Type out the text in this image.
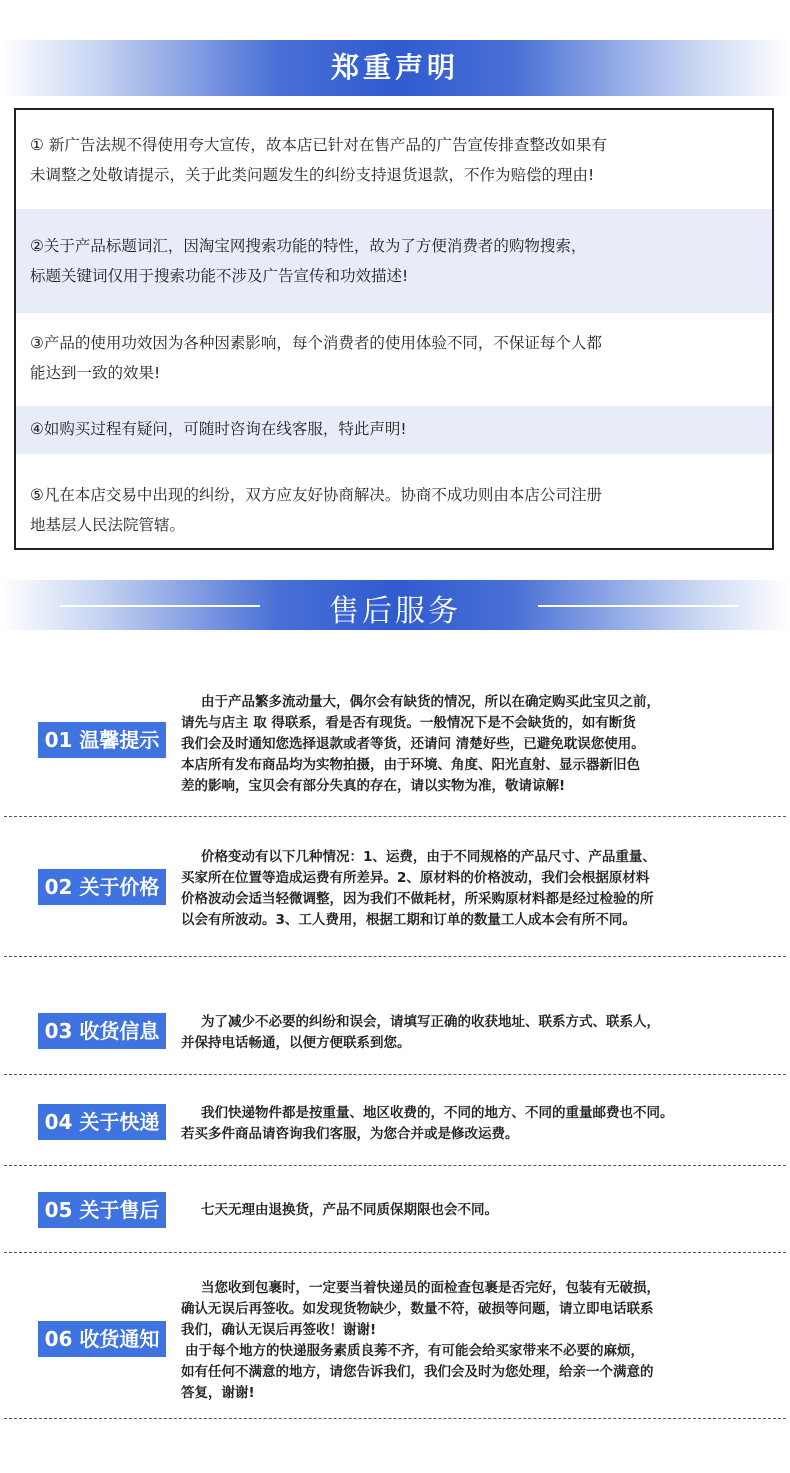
郑重声明
① 新广告法规不得使用夸大宣传，故本店已针对在售产品的广告宣传排查整改如果有
未调整之处敬请提示，关于此类问题发生的纠纷支持退货退款，不作为赔偿的理由!
②关于产品标题词汇，因淘宝网搜索功能的特性，故为了方便消费者的购物搜索，
标题关键词仅用于搜索功能不涉及广告宣传和功效描述!
③产品的使用功效因为各种因素影响，每个消费者的使用体验不同，不保证每个人都
能达到一致的效果!
④如购买过程有疑问，可随时咨询在线客服，特此声明!
⑤凡在本店交易中出现的纠纷，双方应友好协商解决。协商不成功则由本店公司注册
地基层人民法院管辖。
售后服务
01 温馨提示
由于产品繁多流动量大，偶尔会有缺货的情况，所以在确定购买此宝贝之前，
请先与店主 取 得联系，看是否有现货。一般情况下是不会缺货的，如有断货
我们会及时通知您选择退款或者等货，还请问 清楚好些，已避免耽误您使用。
本店所有发布商品均为实物拍摄，由于环境、角度、阳光直射、显示器新旧色
差的影响，宝贝会有部分失真的存在，请以实物为准，敬请谅解!
02 关于价格
价格变动有以下几种情况：1、运费，由于不同规格的产品尺寸、产品重量、
买家所在位置等造成运费有所差异。2、原材料的价格波动，我们会根据原材料
价格波动会适当轻微调整，因为我们不做耗材，所采购原材料都是经过检验的所
以会有所波动。3、工人费用，根据工期和订单的数量工人成本会有所不同。
03 收货信息	为了减少不必要的纠纷和误会，请填写正确的收获地址、联系方式、联系人，
并保持电话畅通，以便方便联系到您。
04 关于快递	我们快递物件都是按重量、地区收费的，不同的地方、不同的重量邮费也不同。
若买多件商品请咨询我们客服，为您合并或是修改运费。
05 关于售后	七天无理由退换货，产品不同质保期限也会不同。
06 收货通知
当您收到包裹时，一定要当着快递员的面检查包裹是否完好，包装有无破损，
确认无误后再签收。如发现货物缺少，数量不符，破损等问题，请立即电话联系
我们，确认无误后再签收！谢谢!
由于每个地方的快递服务素质良莠不齐，有可能会给买家带来不必要的麻烦，
如有任何不满意的地方，请您告诉我们，我们会及时为您处理，给亲一个满意的
答复，谢谢!
